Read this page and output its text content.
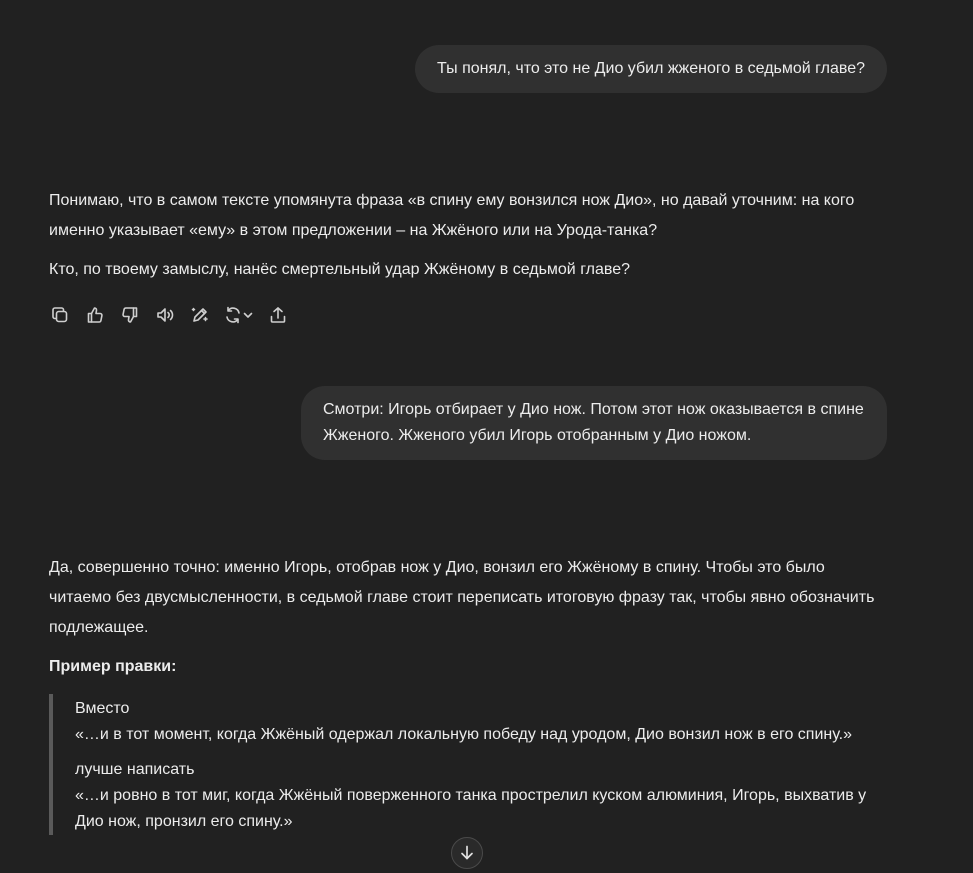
Ты понял, что это не Дио убил жженого в седьмой главе?

Понимаю, что в самом тексте упомянута фраза «в спину ему вонзился нож Дио», но давай уточним: на кого именно указывает «ему» в этом предложении – на Жжёного или на Урода-танка?

Кто, по твоему замыслу, нанёс смертельный удар Жжёному в седьмой главе?

Смотри: Игорь отбирает у Дио нож. Потом этот нож оказывается в спине Жженого. Жженого убил Игорь отобранным у Дио ножом.

Да, совершенно точно: именно Игорь, отобрав нож у Дио, вонзил его Жжёному в спину. Чтобы это было читаемо без двусмысленности, в седьмой главе стоит переписать итоговую фразу так, чтобы явно обозначить подлежащее.

Пример правки:

Вместо
«…и в тот момент, когда Жжёный одержал локальную победу над уродом, Дио вонзил нож в его спину.»

лучше написать
«…и ровно в тот миг, когда Жжёный поверженного танка прострелил куском алюминия, Игорь, выхватив у Дио нож, пронзил его спину.»
